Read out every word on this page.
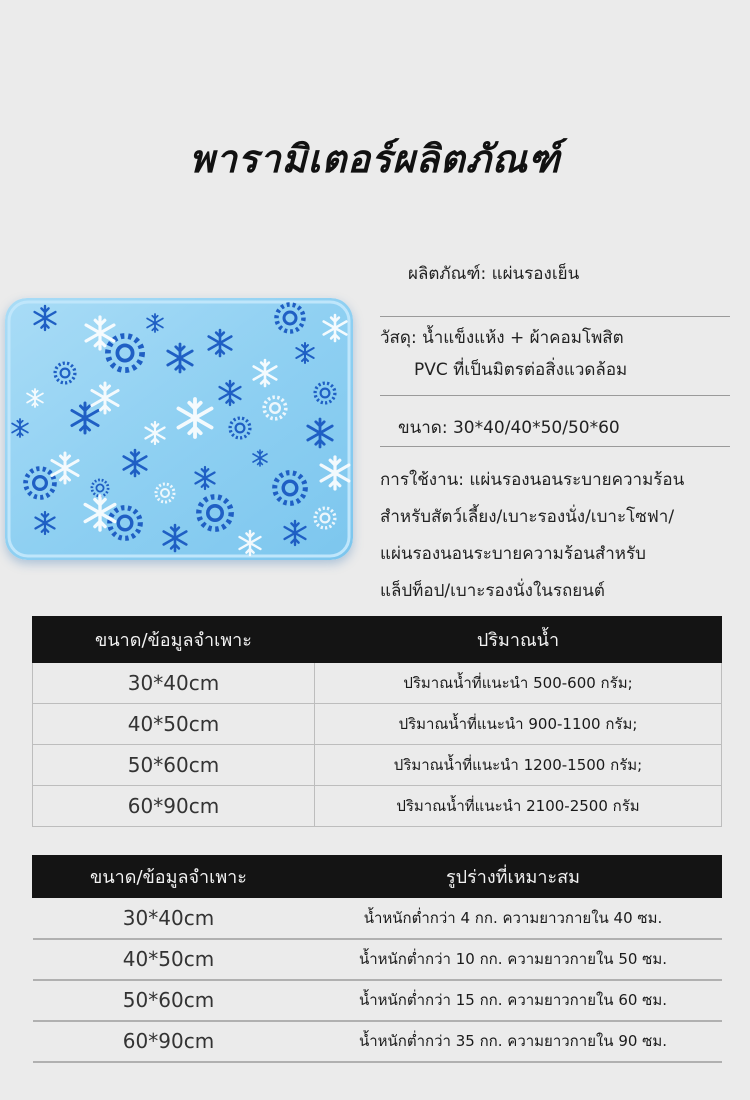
พารามิเตอร์ผลิตภัณฑ์
ผลิตภัณฑ์: แผ่นรองเย็น
วัสดุ: น้ำแข็งแห้ง + ผ้าคอมโพสิต
PVC ที่เป็นมิตรต่อสิ่งแวดล้อม
ขนาด: 30*40/40*50/50*60
การใช้งาน: แผ่นรองนอนระบายความร้อน
สำหรับสัตว์เลี้ยง/เบาะรองนั่ง/เบาะโซฟา/
แผ่นรองนอนระบายความร้อนสำหรับ
แล็ปท็อป/เบาะรองนั่งในรถยนต์
ขนาด/ข้อมูลจำเพาะ	ปริมาณน้ำ
30*40cm	ปริมาณน้ำที่แนะนำ 500-600 กรัม;
40*50cm	ปริมาณน้ำที่แนะนำ 900-1100 กรัม;
50*60cm	ปริมาณน้ำที่แนะนำ 1200-1500 กรัม;
60*90cm	ปริมาณน้ำที่แนะนำ 2100-2500 กรัม
ขนาด/ข้อมูลจำเพาะ	รูปร่างที่เหมาะสม
30*40cm	น้ำหนักต่ำกว่า 4 กก. ความยาวกายใน 40 ซม.
40*50cm	น้ำหนักต่ำกว่า 10 กก. ความยาวกายใน 50 ซม.
50*60cm	น้ำหนักต่ำกว่า 15 กก. ความยาวกายใน 60 ซม.
60*90cm	น้ำหนักต่ำกว่า 35 กก. ความยาวกายใน 90 ซม.
